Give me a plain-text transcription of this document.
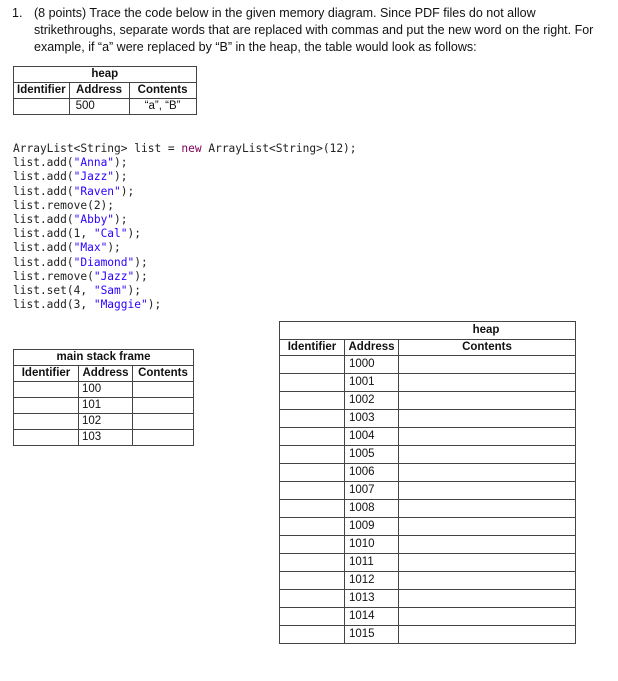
1. (8 points) Trace the code below in the given memory diagram. Since PDF files do not allow strikethroughs, separate words that are replaced with commas and put the new word on the right. For example, if “a” were replaced by “B” in the heap, the table would look as follows:
heap		
Identifier	Address	Contents
	500	“a”, “B”
ArrayList<String> list = new ArrayList<String>(12);
list.add("Anna");
list.add("Jazz");
list.add("Raven");
list.remove(2);
list.add("Abby");
list.add(1, "Cal");
list.add("Max");
list.add("Diamond");
list.remove("Jazz");
list.set(4, "Sam");
list.add(3, "Maggie");
main stack frame		
Identifier	Address	Contents
	100	
	101	
	102	
	103	
heap		
Identifier	Address	Contents
	1000	
	1001	
	1002	
	1003	
	1004	
	1005	
	1006	
	1007	
	1008	
	1009	
	1010	
	1011	
	1012	
	1013	
	1014	
	1015	
